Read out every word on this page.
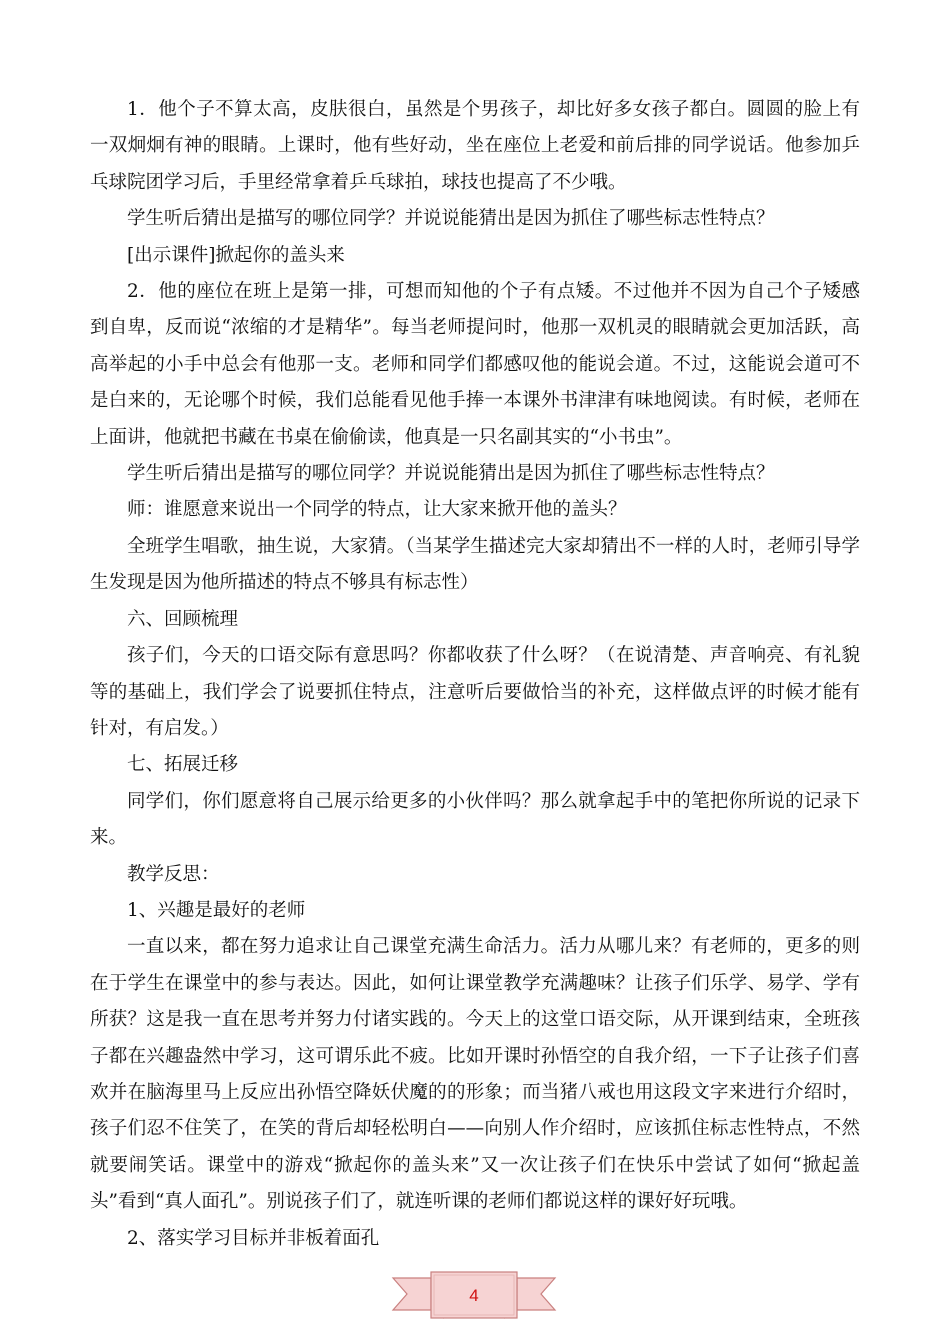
1．他个子不算太高，皮肤很白，虽然是个男孩子，却比好多女孩子都白。圆圆的脸上有一双炯炯有神的眼睛。上课时，他有些好动，坐在座位上老爱和前后排的同学说话。他参加乒乓球院团学习后，手里经常拿着乒乓球拍，球技也提高了不少哦。

学生听后猜出是描写的哪位同学？并说说能猜出是因为抓住了哪些标志性特点？

[出示课件]掀起你的盖头来

2．他的座位在班上是第一排，可想而知他的个子有点矮。不过他并不因为自己个子矮感到自卑，反而说“浓缩的才是精华”。每当老师提问时，他那一双机灵的眼睛就会更加活跃，高高举起的小手中总会有他那一支。老师和同学们都感叹他的能说会道。不过，这能说会道可不是白来的，无论哪个时候，我们总能看见他手捧一本课外书津津有味地阅读。有时候，老师在上面讲，他就把书藏在书桌在偷偷读，他真是一只名副其实的“小书虫”。

学生听后猜出是描写的哪位同学？并说说能猜出是因为抓住了哪些标志性特点？

师：谁愿意来说出一个同学的特点，让大家来掀开他的盖头？

全班学生唱歌，抽生说，大家猜。（当某学生描述完大家却猜出不一样的人时，老师引导学生发现是因为他所描述的特点不够具有标志性）

六、回顾梳理

孩子们，今天的口语交际有意思吗？你都收获了什么呀？（在说清楚、声音响亮、有礼貌等的基础上，我们学会了说要抓住特点，注意听后要做恰当的补充，这样做点评的时候才能有针对，有启发。）

七、拓展迁移

同学们，你们愿意将自己展示给更多的小伙伴吗？那么就拿起手中的笔把你所说的记录下来。

教学反思：

1、兴趣是最好的老师

一直以来，都在努力追求让自己课堂充满生命活力。活力从哪儿来？有老师的，更多的则在于学生在课堂中的参与表达。因此，如何让课堂教学充满趣味？让孩子们乐学、易学、学有所获？这是我一直在思考并努力付诸实践的。今天上的这堂口语交际，从开课到结束，全班孩子都在兴趣盎然中学习，这可谓乐此不疲。比如开课时孙悟空的自我介绍，一下子让孩子们喜欢并在脑海里马上反应出孙悟空降妖伏魔的的形象；而当猪八戒也用这段文字来进行介绍时，孩子们忍不住笑了，在笑的背后却轻松明白——向别人作介绍时，应该抓住标志性特点，不然就要闹笑话。课堂中的游戏“掀起你的盖头来”又一次让孩子们在快乐中尝试了如何“掀起盖头”看到“真人面孔”。别说孩子们了，就连听课的老师们都说这样的课好好玩哦。

2、落实学习目标并非板着面孔

4
